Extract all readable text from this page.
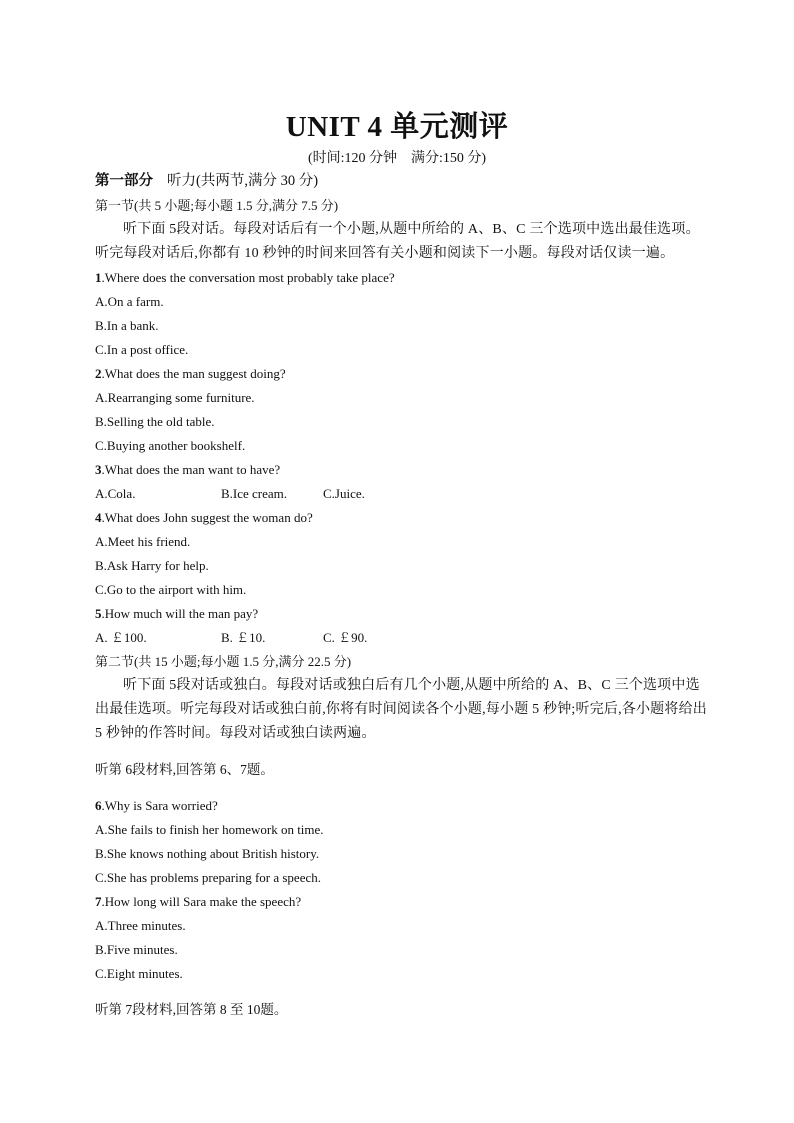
UNIT 4 单元测评
(时间:120 分钟　满分:150 分)
第一部分 听力(共两节,满分 30 分)
第一节(共 5 小题;每小题 1.5 分,满分 7.5 分)
听下面 5段对话。每段对话后有一个小题,从题中所给的 A、B、C 三个选项中选出最佳选项。
听完每段对话后,你都有 10 秒钟的时间来回答有关小题和阅读下一小题。每段对话仅读一遍。
1.Where does the conversation most probably take place?
A.On a farm.
B.In a bank.
C.In a post office.
2.What does the man suggest doing?
A.Rearranging some furniture.
B.Selling the old table.
C.Buying another bookshelf.
3.What does the man want to have?
A.Cola.	B.Ice cream.	C.Juice.
4.What does John suggest the woman do?
A.Meet his friend.
B.Ask Harry for help.
C.Go to the airport with him.
5.How much will the man pay?
A. ￡100.	B. ￡10.	C. ￡90.
第二节(共 15 小题;每小题 1.5 分,满分 22.5 分)
听下面 5段对话或独白。每段对话或独白后有几个小题,从题中所给的 A、B、C 三个选项中选
出最佳选项。听完每段对话或独白前,你将有时间阅读各个小题,每小题 5 秒钟;听完后,各小题将给出
5 秒钟的作答时间。每段对话或独白读两遍。
听第 6段材料,回答第 6、7题。
6.Why is Sara worried?
A.She fails to finish her homework on time.
B.She knows nothing about British history.
C.She has problems preparing for a speech.
7.How long will Sara make the speech?
A.Three minutes.
B.Five minutes.
C.Eight minutes.
听第 7段材料,回答第 8 至 10题。
